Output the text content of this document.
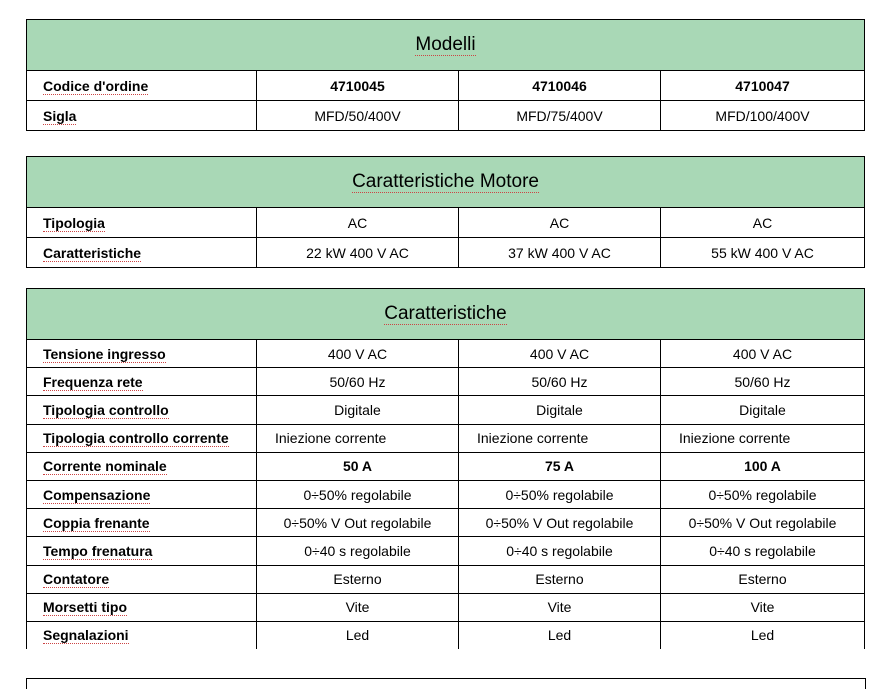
Modelli			
Codice d'ordine	4710045	4710046	4710047
Sigla	MFD/50/400V	MFD/75/400V	MFD/100/400V
Caratteristiche Motore			
Tipologia	AC	AC	AC
Caratteristiche	22 kW 400 V AC	37 kW 400 V AC	55 kW 400 V AC
Caratteristiche			
Tensione ingresso	400 V AC	400 V AC	400 V AC
Frequenza rete	50/60 Hz	50/60 Hz	50/60 Hz
Tipologia controllo	Digitale	Digitale	Digitale
Tipologia controllo corrente	Iniezione corrente	Iniezione corrente	Iniezione corrente
Corrente nominale	50 A	75 A	100 A
Compensazione	0÷50% regolabile	0÷50% regolabile	0÷50% regolabile
Coppia frenante	0÷50% V Out regolabile	0÷50% V Out regolabile	0÷50% V Out regolabile
Tempo frenatura	0÷40 s regolabile	0÷40 s regolabile	0÷40 s regolabile
Contatore	Esterno	Esterno	Esterno
Morsetti tipo	Vite	Vite	Vite
Segnalazioni	Led	Led	Led
